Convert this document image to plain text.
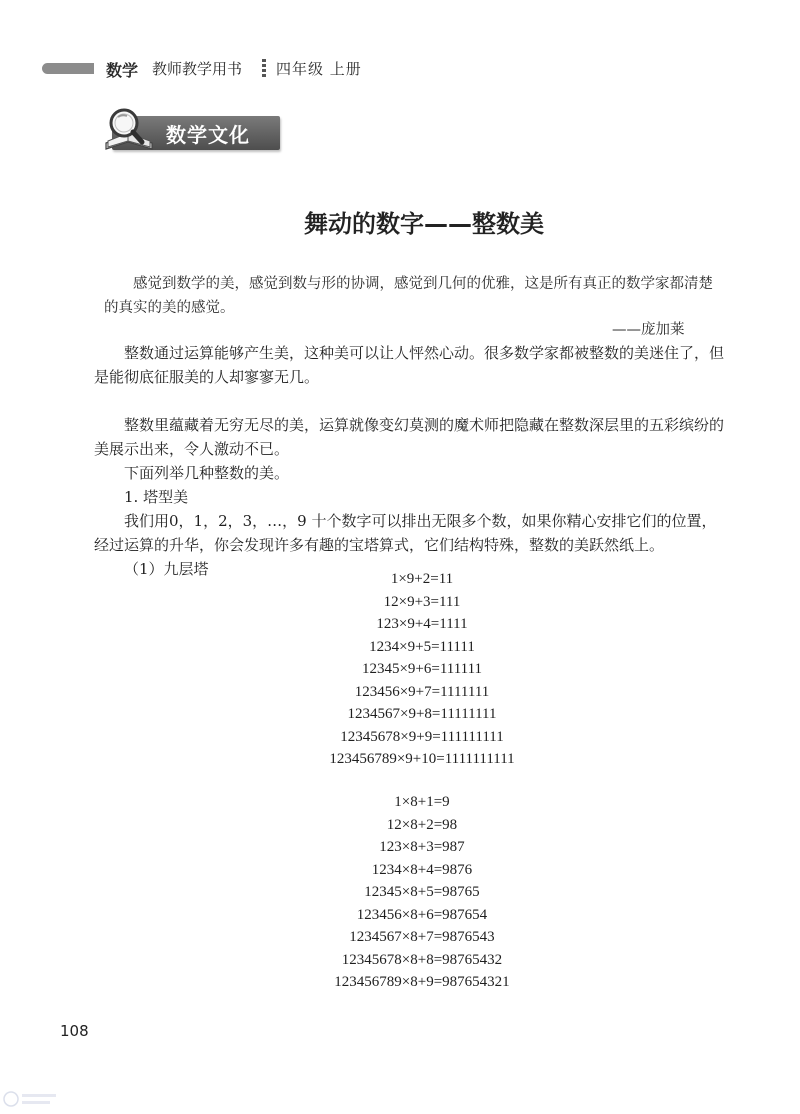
数学 教师教学用书 四年级 上册
数学文化
舞动的数字——整数美
感觉到数学的美，感觉到数与形的协调，感觉到几何的优雅，这是所有真正的数学家都清楚的真实的美的感觉。
——庞加莱

整数通过运算能够产生美，这种美可以让人怦然心动。很多数学家都被整数的美迷住了，但是能彻底征服美的人却寥寥无几。

整数里蕴藏着无穷无尽的美，运算就像变幻莫测的魔术师把隐藏在整数深层里的五彩缤纷的美展示出来，令人激动不已。

下面列举几种整数的美。

1. 塔型美

我们用0，1，2，3，…，9 十个数字可以排出无限多个数，如果你精心安排它们的位置，经过运算的升华，你会发现许多有趣的宝塔算式，它们结构特殊，整数的美跃然纸上。

（1）九层塔

1×9+2=11
12×9+3=111
123×9+4=1111
1234×9+5=11111
12345×9+6=111111
123456×9+7=1111111
1234567×9+8=11111111
12345678×9+9=111111111
123456789×9+10=1111111111
1×8+1=9
12×8+2=98
123×8+3=987
1234×8+4=9876
12345×8+5=98765
123456×8+6=987654
1234567×8+7=9876543
12345678×8+8=98765432
123456789×8+9=987654321
108
